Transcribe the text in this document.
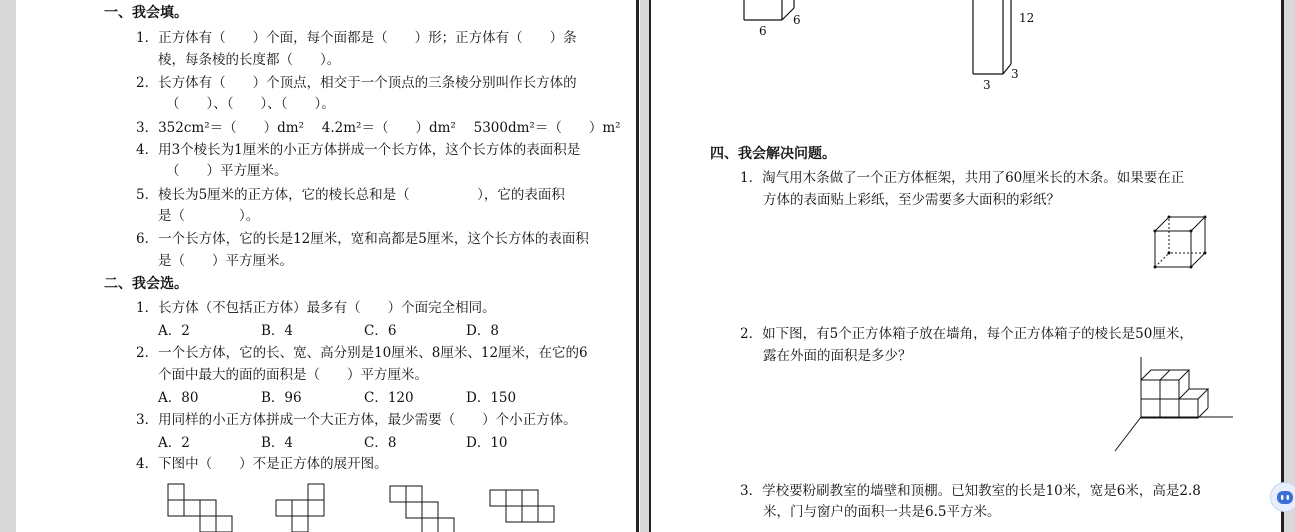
一、我会填。
1．正方体有（　　）个面，每个面都是（　　）形；正方体有（　　）条
棱，每条棱的长度都（　　）。
2．长方体有（　　）个顶点，相交于一个顶点的三条棱分别叫作长方体的
（　　）、（　　）、（　　）。
3．352cm²＝（　　）dm²　 4.2m²＝（　　）dm²　 5300dm²＝（　　）m²
4．用3个棱长为1厘米的小正方体拼成一个长方体，这个长方体的表面积是
（　　）平方厘米。
5．棱长为5厘米的正方体，它的棱长总和是（　　　　　），它的表面积
是（　　　　）。
6．一个长方体，它的长是12厘米，宽和高都是5厘米，这个长方体的表面积
是（　　）平方厘米。
二、我会选。
1．长方体（不包括正方体）最多有（　　）个面完全相同。
A．2	B．4	C．6	D．8
2．一个长方体，它的长、宽、高分别是10厘米、8厘米、12厘米，在它的6
个面中最大的面的面积是（　　）平方厘米。
A．80	B．96	C．120	D．150
3．用同样的小正方体拼成一个大正方体，最少需要（　　）个小正方体。
A．2	B．4	C．8	D．10
4．下图中（　　）不是正方体的展开图。
6
6	12
3
3
四、我会解决问题。
1．淘气用木条做了一个正方体框架，共用了60厘米长的木条。如果要在正
方体的表面贴上彩纸，至少需要多大面积的彩纸？
2．如下图，有5个正方体箱子放在墙角，每个正方体箱子的棱长是50厘米，
露在外面的面积是多少？
3．学校要粉刷教室的墙壁和顶棚。已知教室的长是10米，宽是6米，高是2.8
米，门与窗户的面积一共是6.5平方米。
